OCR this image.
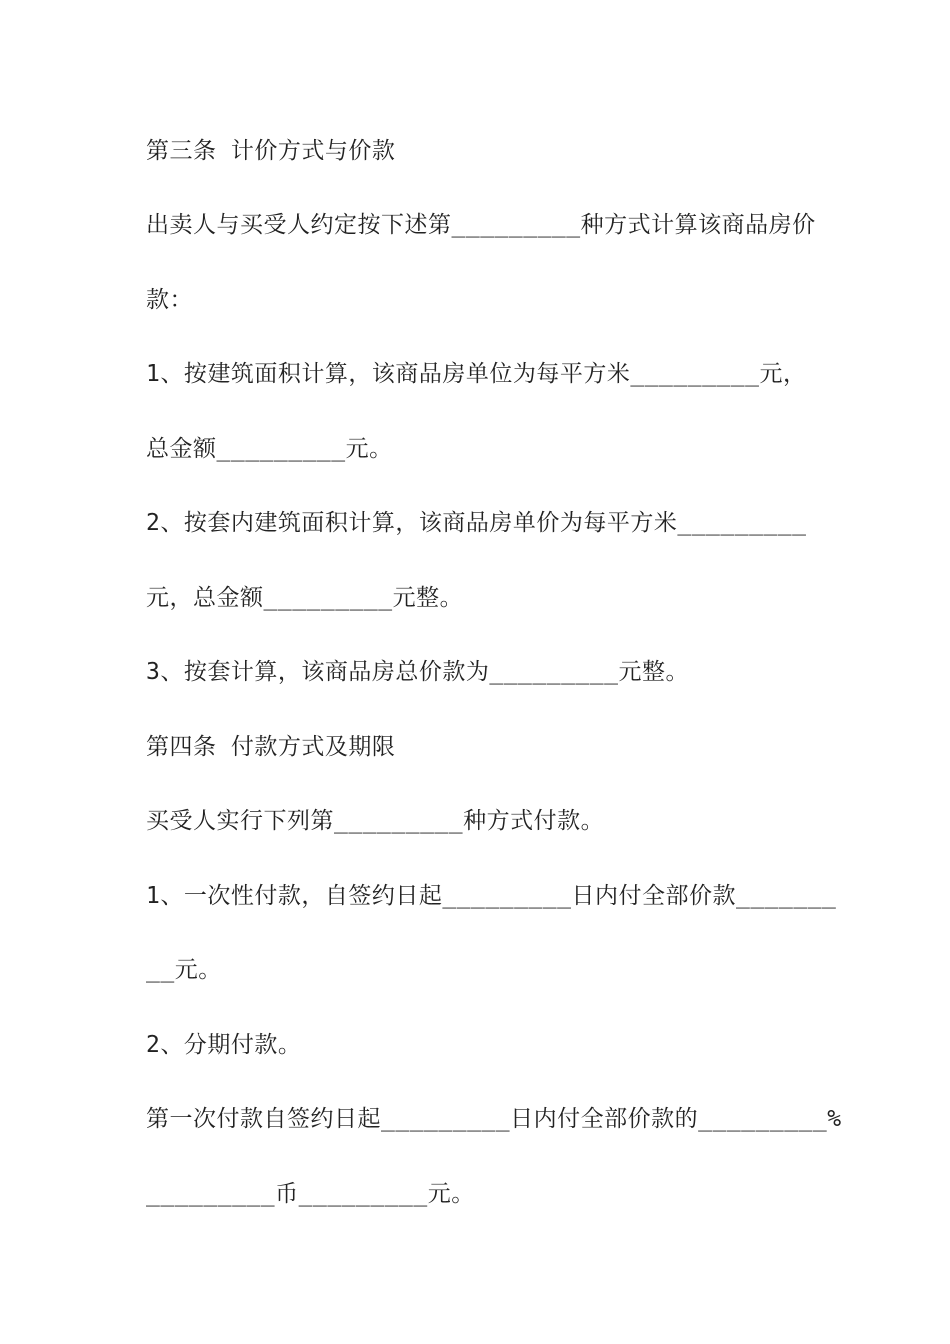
第三条 计价方式与价款
出卖人与买受人约定按下述第_________种方式计算该商品房价
款：
1、按建筑面积计算，该商品房单位为每平方米_________元，
总金额_________元。
2、按套内建筑面积计算，该商品房单价为每平方米_________
元，总金额_________元整。
3、按套计算，该商品房总价款为_________元整。
第四条 付款方式及期限
买受人实行下列第_________种方式付款。
1、一次性付款，自签约日起_________日内付全部价款_______
__元。
2、分期付款。
第一次付款自签约日起_________日内付全部价款的_________%
_________币_________元。
